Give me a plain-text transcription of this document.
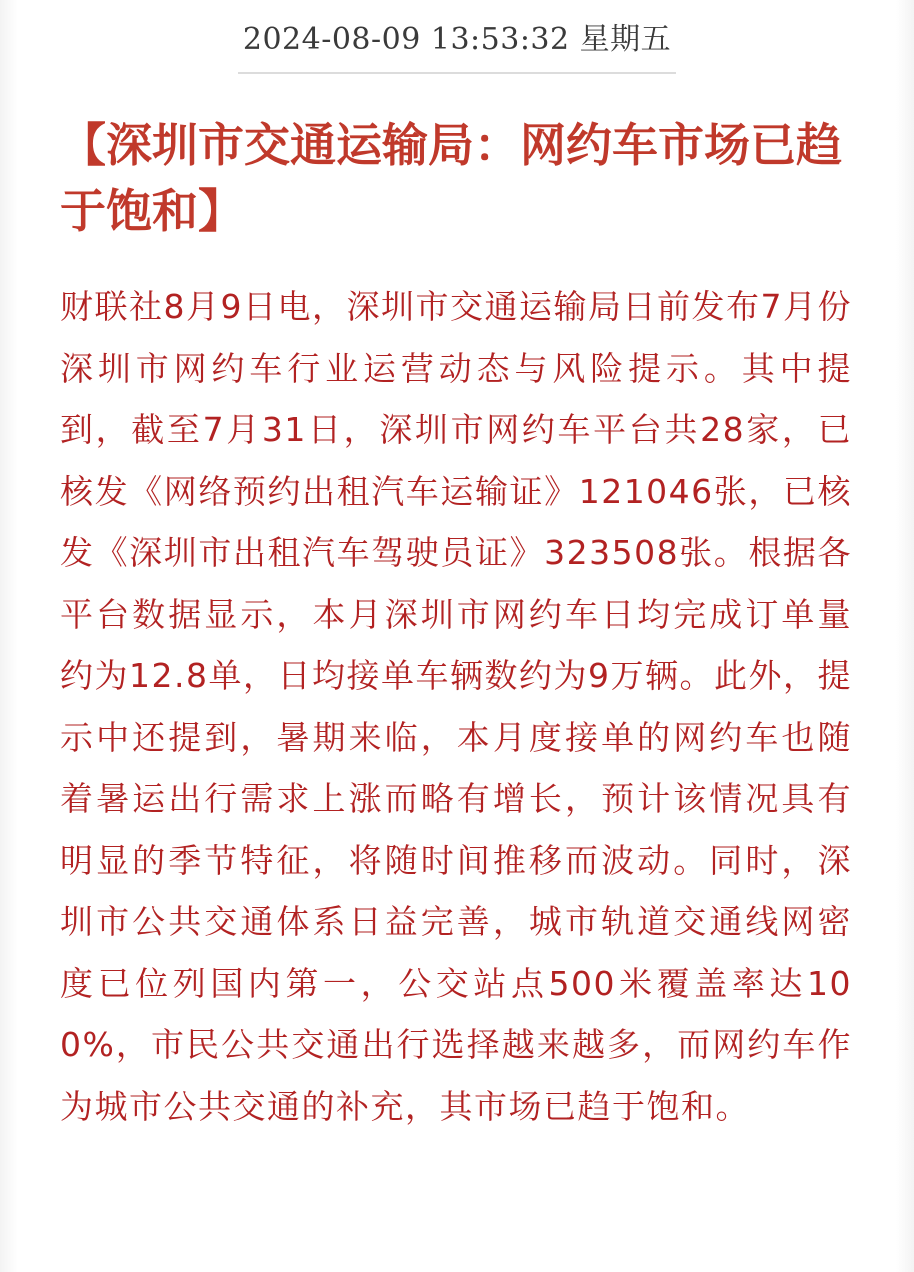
2024-08-09 13:53:32 星期五
【深圳市交通运输局：网约车市场已趋于饱和】

财联社8月9日电，深圳市交通运输局日前发布7月份深圳市网约车行业运营动态与风险提示。其中提到，截至7月31日，深圳市网约车平台共28家，已核发《网络预约出租汽车运输证》121046张，已核发《深圳市出租汽车驾驶员证》323508张。根据各平台数据显示，本月深圳市网约车日均完成订单量约为12.8单，日均接单车辆数约为9万辆。此外，提示中还提到，暑期来临，本月度接单的网约车也随着暑运出行需求上涨而略有增长，预计该情况具有明显的季节特征，将随时间推移而波动。同时，深圳市公共交通体系日益完善，城市轨道交通线网密度已位列国内第一，公交站点500米覆盖率达100%，市民公共交通出行选择越来越多，而网约车作为城市公共交通的补充，其市场已趋于饱和。
